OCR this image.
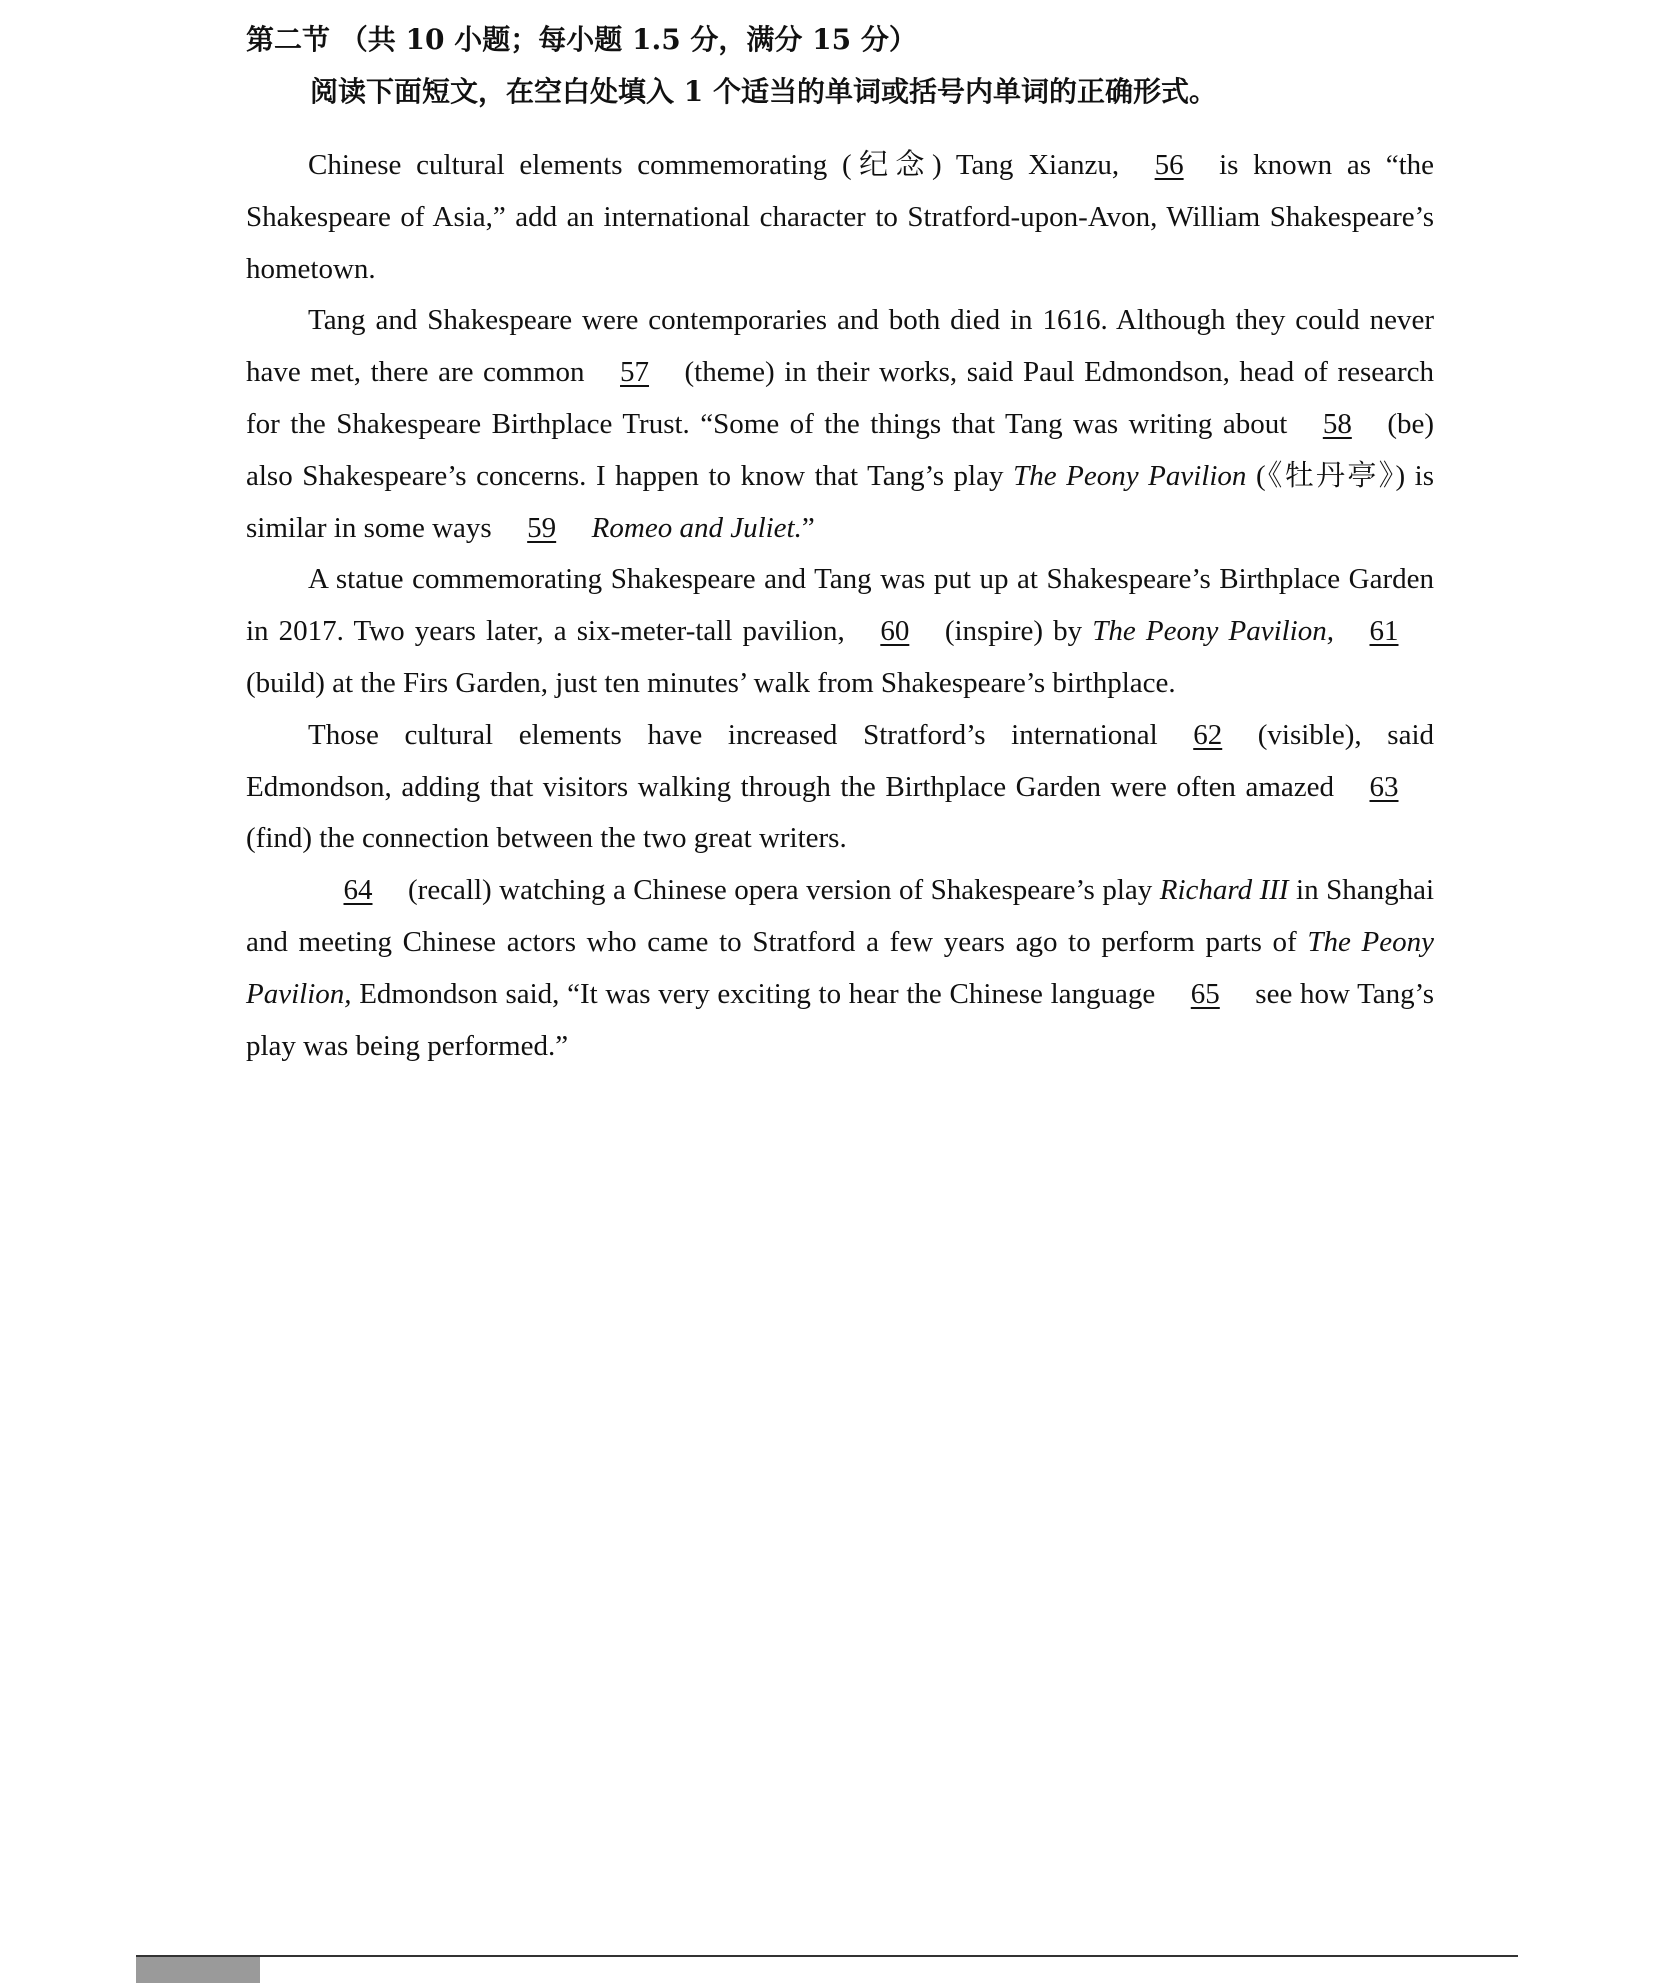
第二节 （共 10 小题；每小题 1.5 分，满分 15 分）
阅读下面短文，在空白处填入 1 个适当的单词或括号内单词的正确形式。

Chinese cultural elements commemorating (纪念) Tang Xianzu, 56 is known as “the Shakespeare of Asia,” add an international character to Stratford-upon-Avon, William Shakespeare’s hometown.

Tang and Shakespeare were contemporaries and both died in 1616. Although they could never have met, there are common 57 (theme) in their works, said Paul Edmondson, head of research for the Shakespeare Birthplace Trust. “Some of the things that Tang was writing about 58 (be) also Shakespeare’s concerns. I happen to know that Tang’s play The Peony Pavilion (《牡丹亭》) is similar in some ways 59 Romeo and Juliet.”

A statue commemorating Shakespeare and Tang was put up at Shakespeare’s Birthplace Garden in 2017. Two years later, a six-meter-tall pavilion, 60 (inspire) by The Peony Pavilion, 61(build) at the Firs Garden, just ten minutes’ walk from Shakespeare’s birthplace.

Those cultural elements have increased Stratford’s international 62 (visible), said Edmondson, adding that visitors walking through the Birthplace Garden were often amazed 63(find) the connection between the two great writers.

64 (recall) watching a Chinese opera version of Shakespeare’s play Richard III in Shanghai and meeting Chinese actors who came to Stratford a few years ago to perform parts of The Peony Pavilion, Edmondson said, “It was very exciting to hear the Chinese language 65 see how Tang’s play was being performed.”
